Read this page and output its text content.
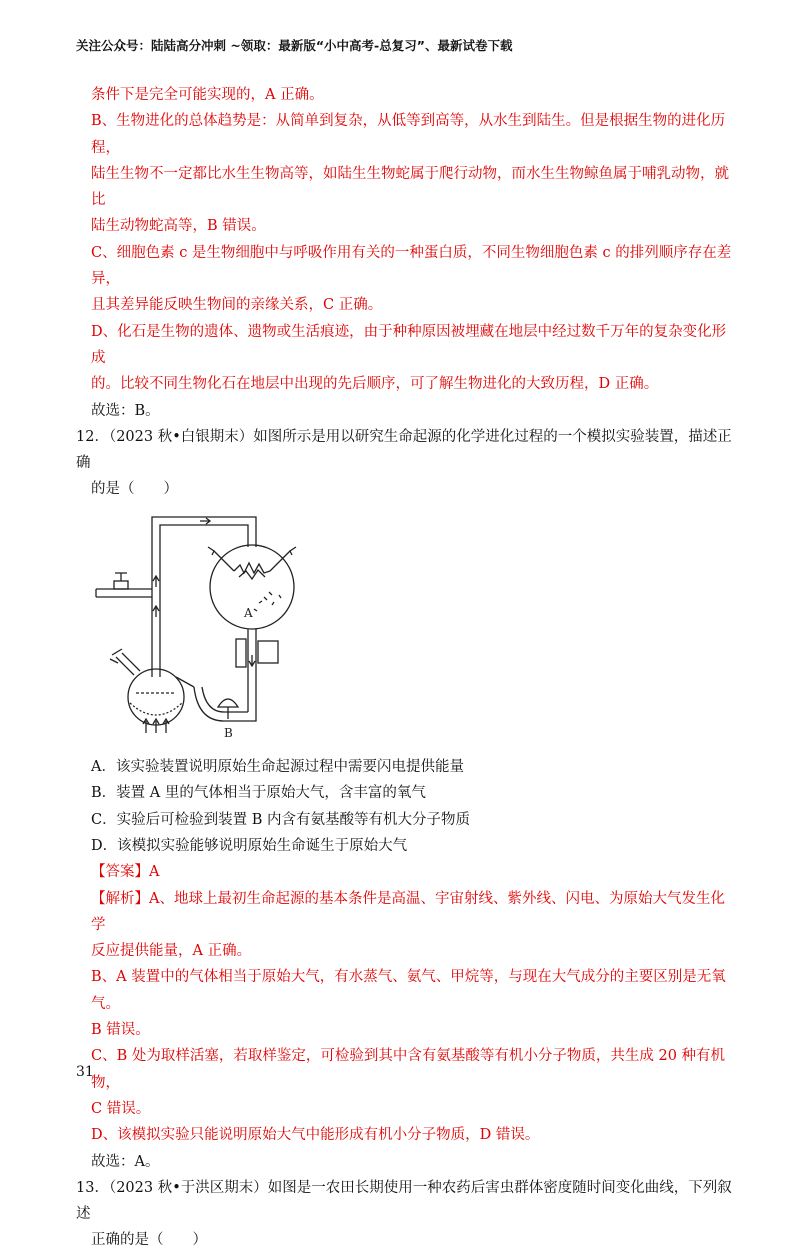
关注公众号：陆陆高分冲刺 ~领取：最新版“小中高考-总复习”、最新试卷下载

条件下是完全可能实现的，A 正确。

B、生物进化的总体趋势是：从简单到复杂，从低等到高等，从水生到陆生。但是根据生物的进化历程，

陆生生物不一定都比水生生物高等，如陆生生物蛇属于爬行动物，而水生生物鲸鱼属于哺乳动物，就比

陆生动物蛇高等，B 错误。

C、细胞色素 c 是生物细胞中与呼吸作用有关的一种蛋白质，不同生物细胞色素 c 的排列顺序存在差异，

且其差异能反映生物间的亲缘关系，C 正确。

D、化石是生物的遗体、遗物或生活痕迹，由于种种原因被埋藏在地层中经过数千万年的复杂变化形成

的。比较不同生物化石在地层中出现的先后顺序，可了解生物进化的大致历程，D 正确。

故选：B。

12．（2023 秋•白银期末）如图所示是用以研究生命起源的化学进化过程的一个模拟实验装置，描述正确

的是（　　）

A
B

A．该实验装置说明原始生命起源过程中需要闪电提供能量

B．装置 A 里的气体相当于原始大气，含丰富的氧气

C．实验后可检验到装置 B 内含有氨基酸等有机大分子物质

D．该模拟实验能够说明原始生命诞生于原始大气

【答案】A

【解析】A、地球上最初生命起源的基本条件是高温、宇宙射线、紫外线、闪电、为原始大气发生化学

反应提供能量，A 正确。

B、A 装置中的气体相当于原始大气，有水蒸气、氨气、甲烷等，与现在大气成分的主要区别是无氧气。

B 错误。

C、B 处为取样活塞，若取样鉴定，可检验到其中含有氨基酸等有机小分子物质，共生成 20 种有机物，

C 错误。

D、该模拟实验只能说明原始大气中能形成有机小分子物质，D 错误。

故选：A。

13．（2023 秋•于洪区期末）如图是一农田长期使用一种农药后害虫群体密度随时间变化曲线，下列叙述

正确的是（　　）

31
